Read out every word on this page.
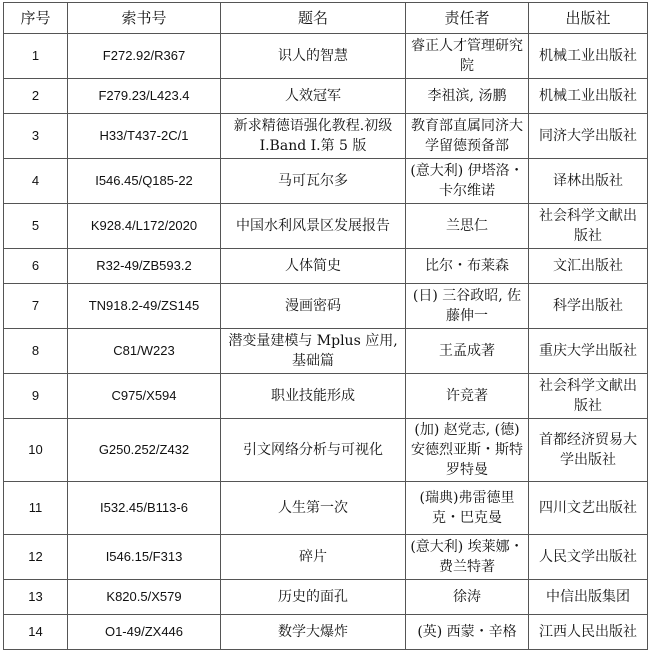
序号	索书号	题名	责任者	出版社
1	F272.92/R367	识人的智慧	睿正人才管理研究院	机械工业出版社
2	F279.23/L423.4	人效冠军	李祖滨, 汤鹏	机械工业出版社
3	H33/T437-2C/1	新求精德语强化教程.初级 I.Band I.第 5 版	教育部直属同济大学留德预备部	同济大学出版社
4	I546.45/Q185-22	马可瓦尔多	(意大利) 伊塔洛・卡尔维诺	译林出版社
5	K928.4/L172/2020	中国水利风景区发展报告	兰思仁	社会科学文献出版社
6	R32-49/ZB593.2	人体简史	比尔・布莱森	文汇出版社
7	TN918.2-49/ZS145	漫画密码	(日) 三谷政昭, 佐藤伸一	科学出版社
8	C81/W223	潜变量建模与 Mplus 应用, 基础篇	王孟成著	重庆大学出版社
9	C975/X594	职业技能形成	许竞著	社会科学文献出版社
10	G250.252/Z432	引文网络分析与可视化	(加) 赵党志, (德) 安德烈亚斯・斯特罗特曼	首都经济贸易大学出版社
11	I532.45/B113-6	人生第一次	(瑞典)弗雷德里克・巴克曼	四川文艺出版社
12	I546.15/F313	碎片	(意大利) 埃莱娜・费兰特著	人民文学出版社
13	K820.5/X579	历史的面孔	徐涛	中信出版集团
14	O1-49/ZX446	数学大爆炸	(英) 西蒙・辛格	江西人民出版社
